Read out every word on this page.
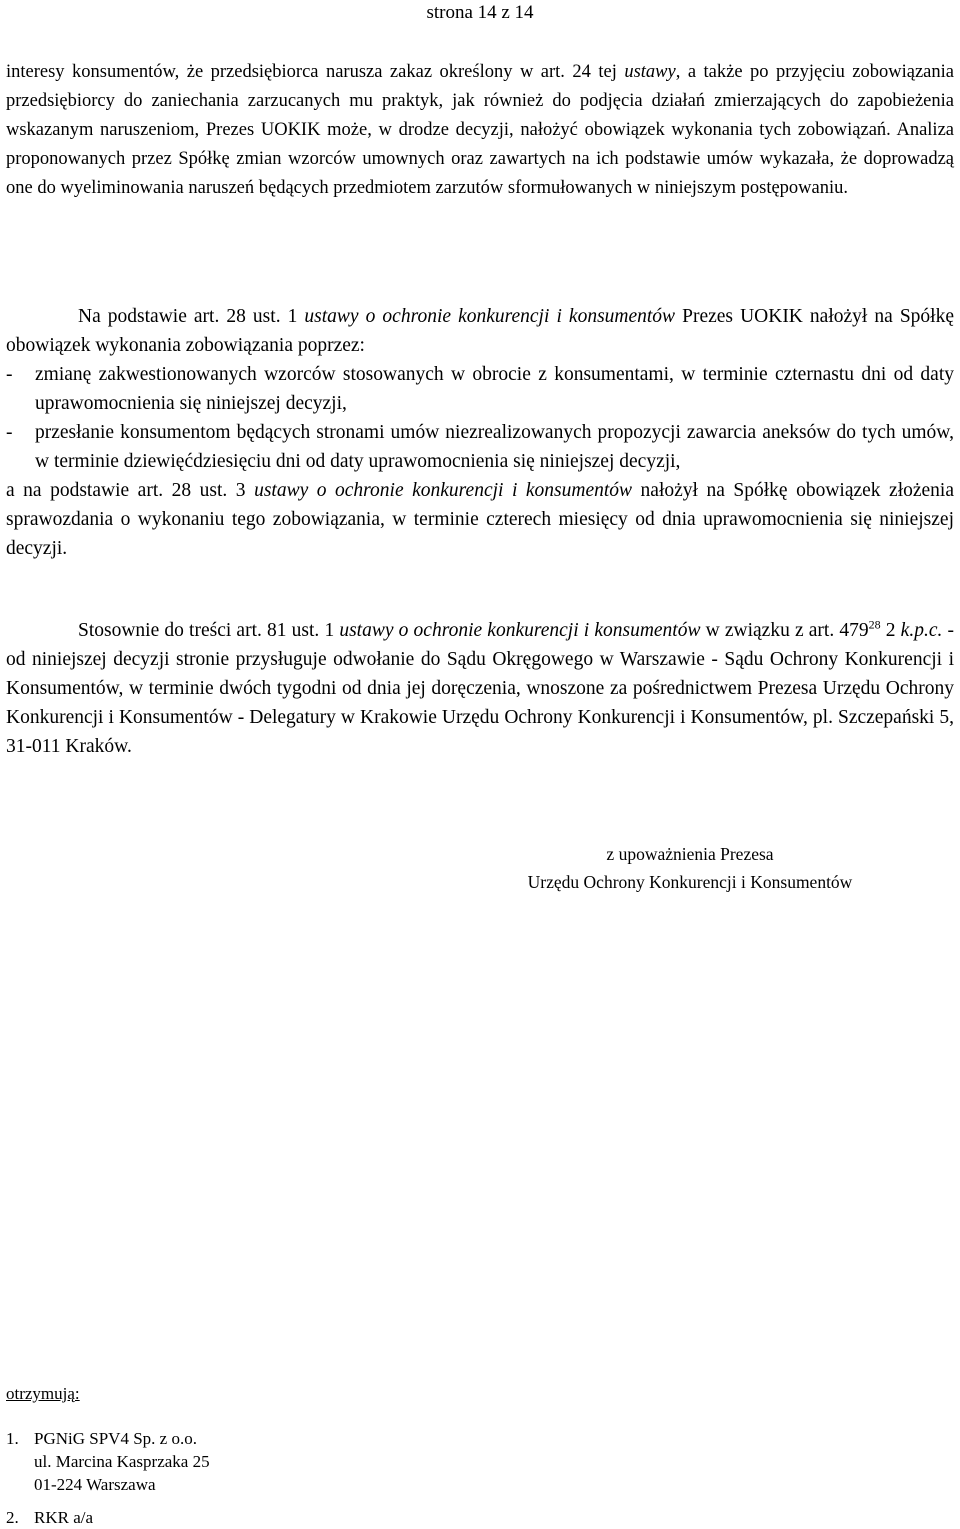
strona 14 z 14

interesy konsumentów, że przedsiębiorca narusza zakaz określony w art. 24 tej ustawy, a także po przyjęciu zobowiązania przedsiębiorcy do zaniechania zarzucanych mu praktyk, jak również do podjęcia działań zmierzających do zapobieżenia wskazanym naruszeniom, Prezes UOKIK może, w drodze decyzji, nałożyć obowiązek wykonania tych zobowiązań. Analiza proponowanych przez Spółkę zmian wzorców umownych oraz zawartych na ich podstawie umów wykazała, że doprowadzą one do wyeliminowania naruszeń będących przedmiotem zarzutów sformułowanych w niniejszym postępowaniu.

Na podstawie art. 28 ust. 1 ustawy o ochronie konkurencji i konsumentów Prezes UOKIK nałożył na Spółkę obowiązek wykonania zobowiązania poprzez:

-	zmianę zakwestionowanych wzorców stosowanych w obrocie z konsumentami, w terminie czternastu dni od daty uprawomocnienia się niniejszej decyzji,
-	przesłanie konsumentom będących stronami umów niezrealizowanych propozycji zawarcia aneksów do tych umów, w terminie dziewięćdziesięciu dni od daty uprawomocnienia się niniejszej decyzji,

a na podstawie art. 28 ust. 3 ustawy o ochronie konkurencji i konsumentów nałożył na Spółkę obowiązek złożenia sprawozdania o wykonaniu tego zobowiązania, w terminie czterech miesięcy od dnia uprawomocnienia się niniejszej decyzji.

Stosownie do treści art. 81 ust. 1 ustawy o ochronie konkurencji i konsumentów w związku z art. $479^{28}$ 2 k.p.c. - od niniejszej decyzji stronie przysługuje odwołanie do Sądu Okręgowego w Warszawie - Sądu Ochrony Konkurencji i Konsumentów, w terminie dwóch tygodni od dnia jej doręczenia, wnoszone za pośrednictwem Prezesa Urzędu Ochrony Konkurencji i Konsumentów - Delegatury w Krakowie Urzędu Ochrony Konkurencji i Konsumentów, pl. Szczepański 5, 31-011 Kraków.

z upoważnienia Prezesa
Urzędu Ochrony Konkurencji i Konsumentów
otrzymują:
1. PGNiG SPV4 Sp. z o.o.
ul. Marcina Kasprzaka 25
01-224 Warszawa
2. RKR a/a
